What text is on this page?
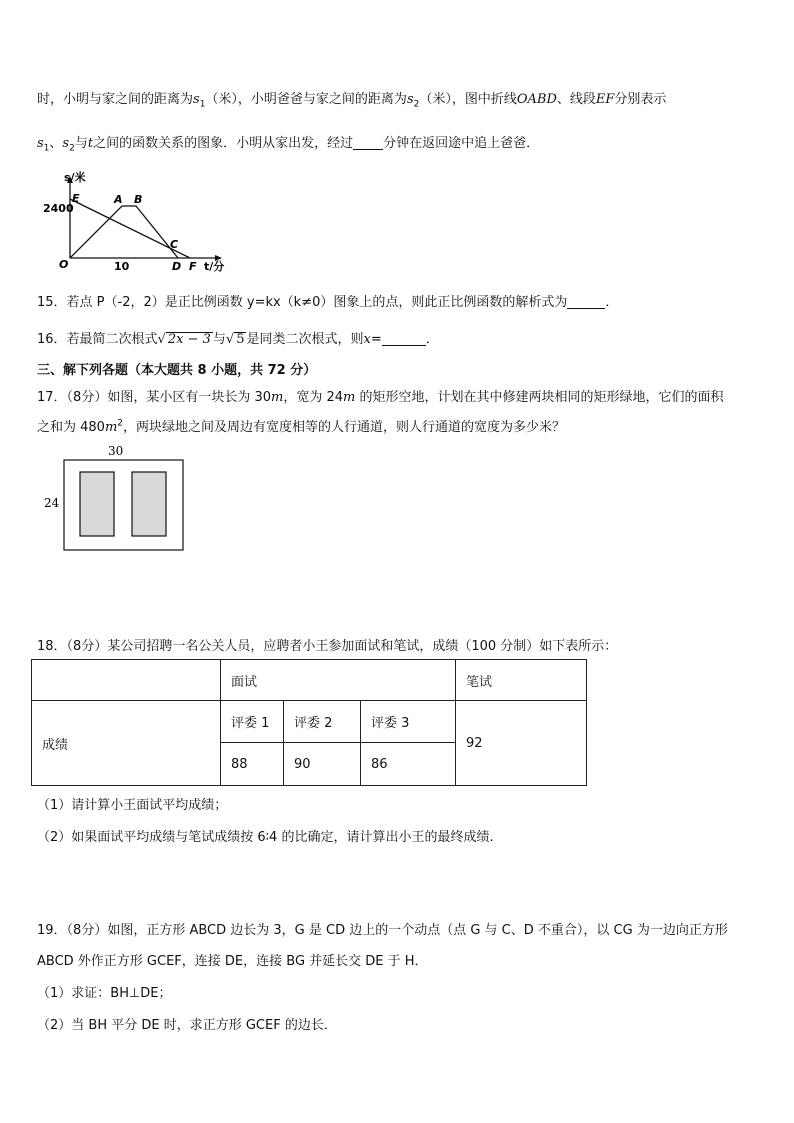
时，小明与家之间的距离为$s_1$（米），小明爸爸与家之间的距离为$s_2$（米），图中折线OABD、线段EF分别表示
$s_1$、$s_2$与t之间的函数关系的图象．小明从家出发，经过 分钟在返回途中追上爸爸．
s/米
2400
E	A B
C
O	10	D F t/分
15．若点 P（-2，2）是正比例函数 y=kx（k≠0）图象上的点，则此正比例函数的解析式为	．
16．若最简二次根式√ 2x − 3 与√ 5 是同类二次根式，则x=	．
三、解下列各题（本大题共 8 小题，共 72 分）
17．（8分）如图，某小区有一块长为 30m，宽为 24m 的矩形空地，计划在其中修建两块相同的矩形绿地，它们的面积
之和为 $480m^2$，两块绿地之间及周边有宽度相等的人行通道，则人行通道的宽度为多少米？
30
24
18．（8分）某公司招聘一名公关人员，应聘者小王参加面试和笔试，成绩（100 分制）如下表所示：
	面试			笔试
成绩	评委 1	评委 2	评委 3	92
	88	90	86	
（1）请计算小王面试平均成绩；
（2）如果面试平均成绩与笔试成绩按 6∶4 的比确定，请计算出小王的最终成绩.
19．（8分）如图，正方形 ABCD 边长为 3，G 是 CD 边上的一个动点（点 G 与 C、D 不重合），以 CG 为一边向正方形
ABCD 外作正方形 GCEF，连接 DE，连接 BG 并延长交 DE 于 H．
（1）求证：BH⊥DE；
（2）当 BH 平分 DE 时，求正方形 GCEF 的边长．
